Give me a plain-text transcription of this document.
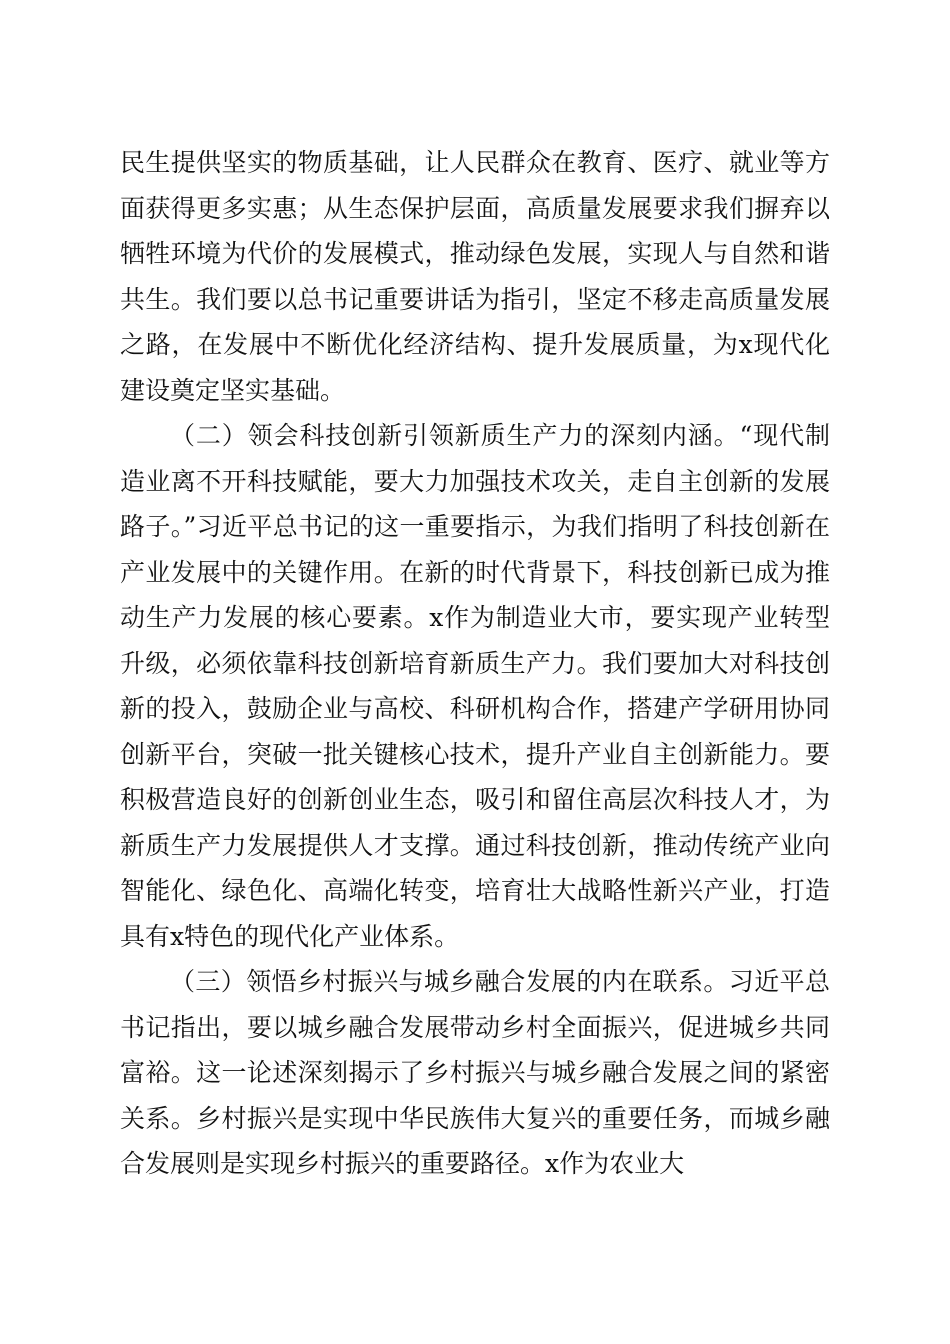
民生提供坚实的物质基础，让人民群众在教育、医疗、就业等方面获得更多实惠；从生态保护层面，高质量发展要求我们摒弃以牺牲环境为代价的发展模式，推动绿色发展，实现人与自然和谐共生。我们要以总书记重要讲话为指引，坚定不移走高质量发展之路，在发展中不断优化经济结构、提升发展质量，为x现代化建设奠定坚实基础。

（二）领会科技创新引领新质生产力的深刻内涵。“现代制造业离不开科技赋能，要大力加强技术攻关，走自主创新的发展路子。”习近平总书记的这一重要指示，为我们指明了科技创新在产业发展中的关键作用。在新的时代背景下，科技创新已成为推动生产力发展的核心要素。x作为制造业大市，要实现产业转型升级，必须依靠科技创新培育新质生产力。我们要加大对科技创新的投入，鼓励企业与高校、科研机构合作，搭建产学研用协同创新平台，突破一批关键核心技术，提升产业自主创新能力。要积极营造良好的创新创业生态，吸引和留住高层次科技人才，为新质生产力发展提供人才支撑。通过科技创新，推动传统产业向智能化、绿色化、高端化转变，培育壮大战略性新兴产业，打造具有x特色的现代化产业体系。

（三）领悟乡村振兴与城乡融合发展的内在联系。习近平总书记指出，要以城乡融合发展带动乡村全面振兴，促进城乡共同富裕。这一论述深刻揭示了乡村振兴与城乡融合发展之间的紧密关系。乡村振兴是实现中华民族伟大复兴的重要任务，而城乡融合发展则是实现乡村振兴的重要路径。x作为农业大
